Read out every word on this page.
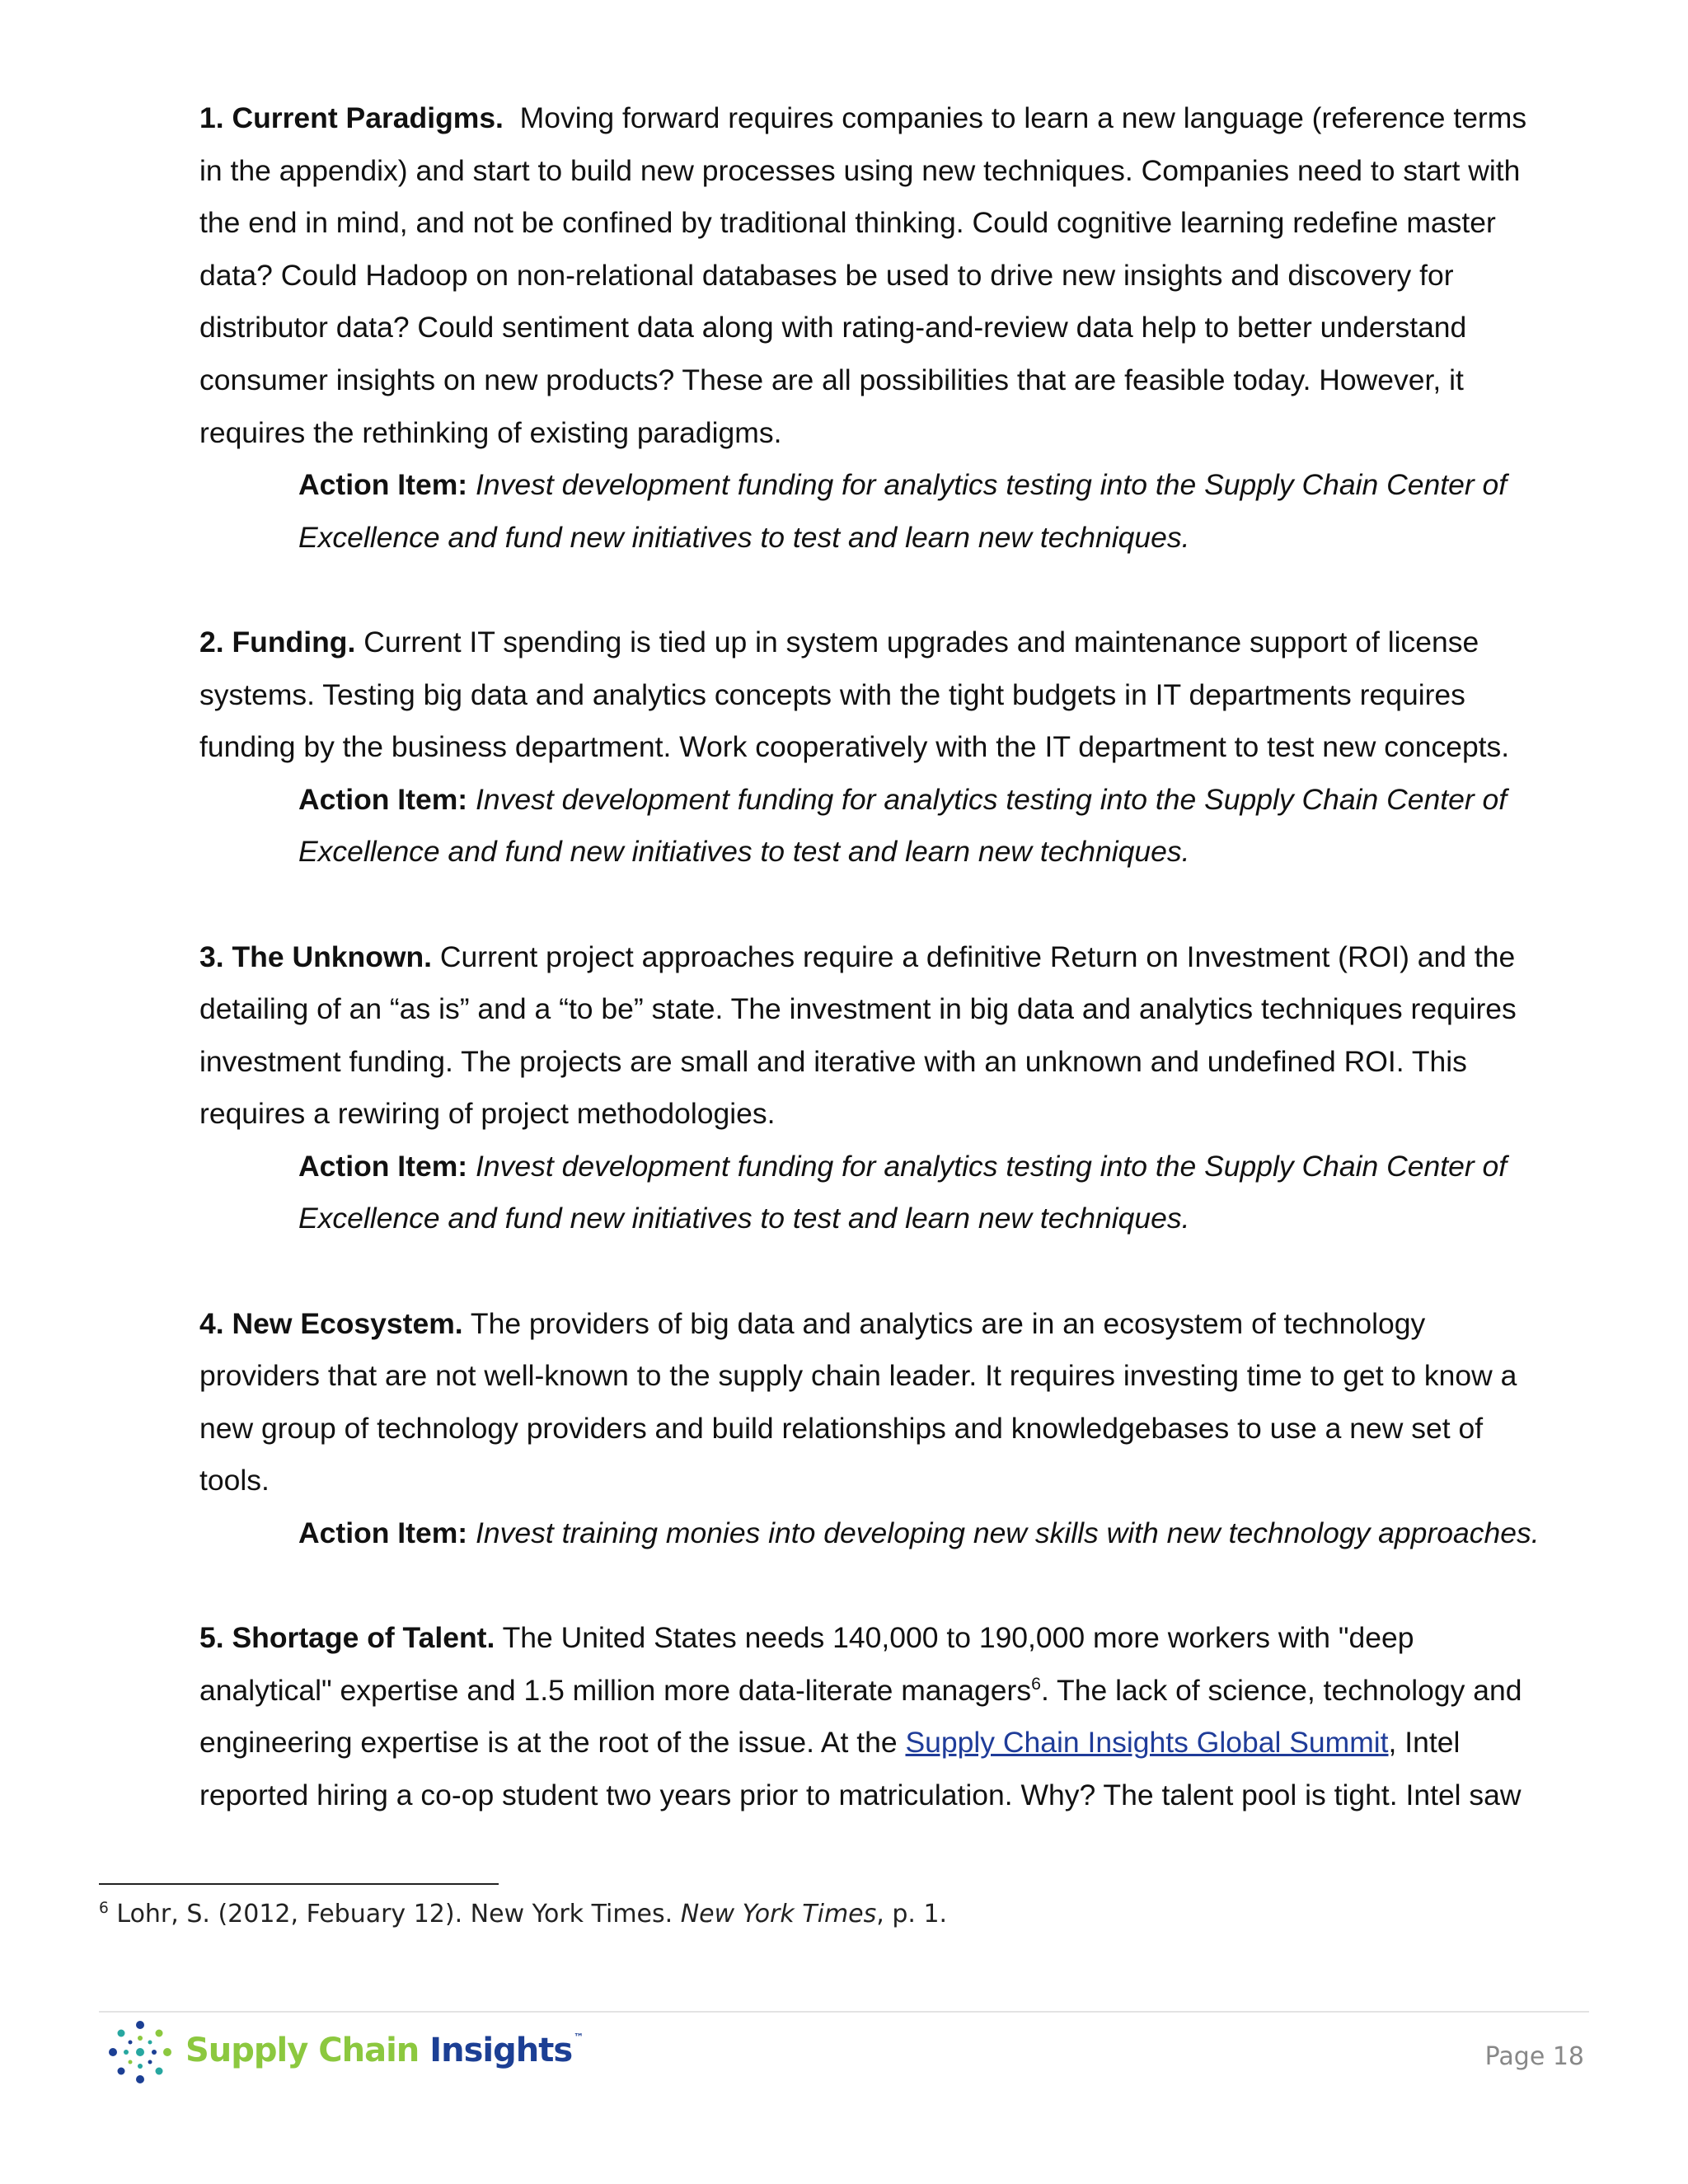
1. Current Paradigms. Moving forward requires companies to learn a new language (reference terms

in the appendix) and start to build new processes using new techniques. Companies need to start with

the end in mind, and not be confined by traditional thinking. Could cognitive learning redefine master

data? Could Hadoop on non-relational databases be used to drive new insights and discovery for

distributor data? Could sentiment data along with rating-and-review data help to better understand

consumer insights on new products? These are all possibilities that are feasible today. However, it

requires the rethinking of existing paradigms.

Action Item: Invest development funding for analytics testing into the Supply Chain Center of

Excellence and fund new initiatives to test and learn new techniques.

2. Funding. Current IT spending is tied up in system upgrades and maintenance support of license

systems. Testing big data and analytics concepts with the tight budgets in IT departments requires

funding by the business department. Work cooperatively with the IT department to test new concepts.

Action Item: Invest development funding for analytics testing into the Supply Chain Center of

Excellence and fund new initiatives to test and learn new techniques.

3. The Unknown. Current project approaches require a definitive Return on Investment (ROI) and the

detailing of an “as is” and a “to be” state. The investment in big data and analytics techniques requires

investment funding. The projects are small and iterative with an unknown and undefined ROI. This

requires a rewiring of project methodologies.

Action Item: Invest development funding for analytics testing into the Supply Chain Center of

Excellence and fund new initiatives to test and learn new techniques.

4. New Ecosystem. The providers of big data and analytics are in an ecosystem of technology

providers that are not well-known to the supply chain leader. It requires investing time to get to know a

new group of technology providers and build relationships and knowledgebases to use a new set of

tools.

Action Item: Invest training monies into developing new skills with new technology approaches.

5. Shortage of Talent. The United States needs 140,000 to 190,000 more workers with "deep

analytical" expertise and 1.5 million more data-literate managers$^6$. The lack of science, technology and

engineering expertise is at the root of the issue. At the Supply Chain Insights Global Summit, Intel

reported hiring a co-op student two years prior to matriculation. Why? The talent pool is tight. Intel saw

$^6$ Lohr, S. (2012, Febuary 12). New York Times. New York Times, p. 1.
Supply Chain Insights ™
Page 18
